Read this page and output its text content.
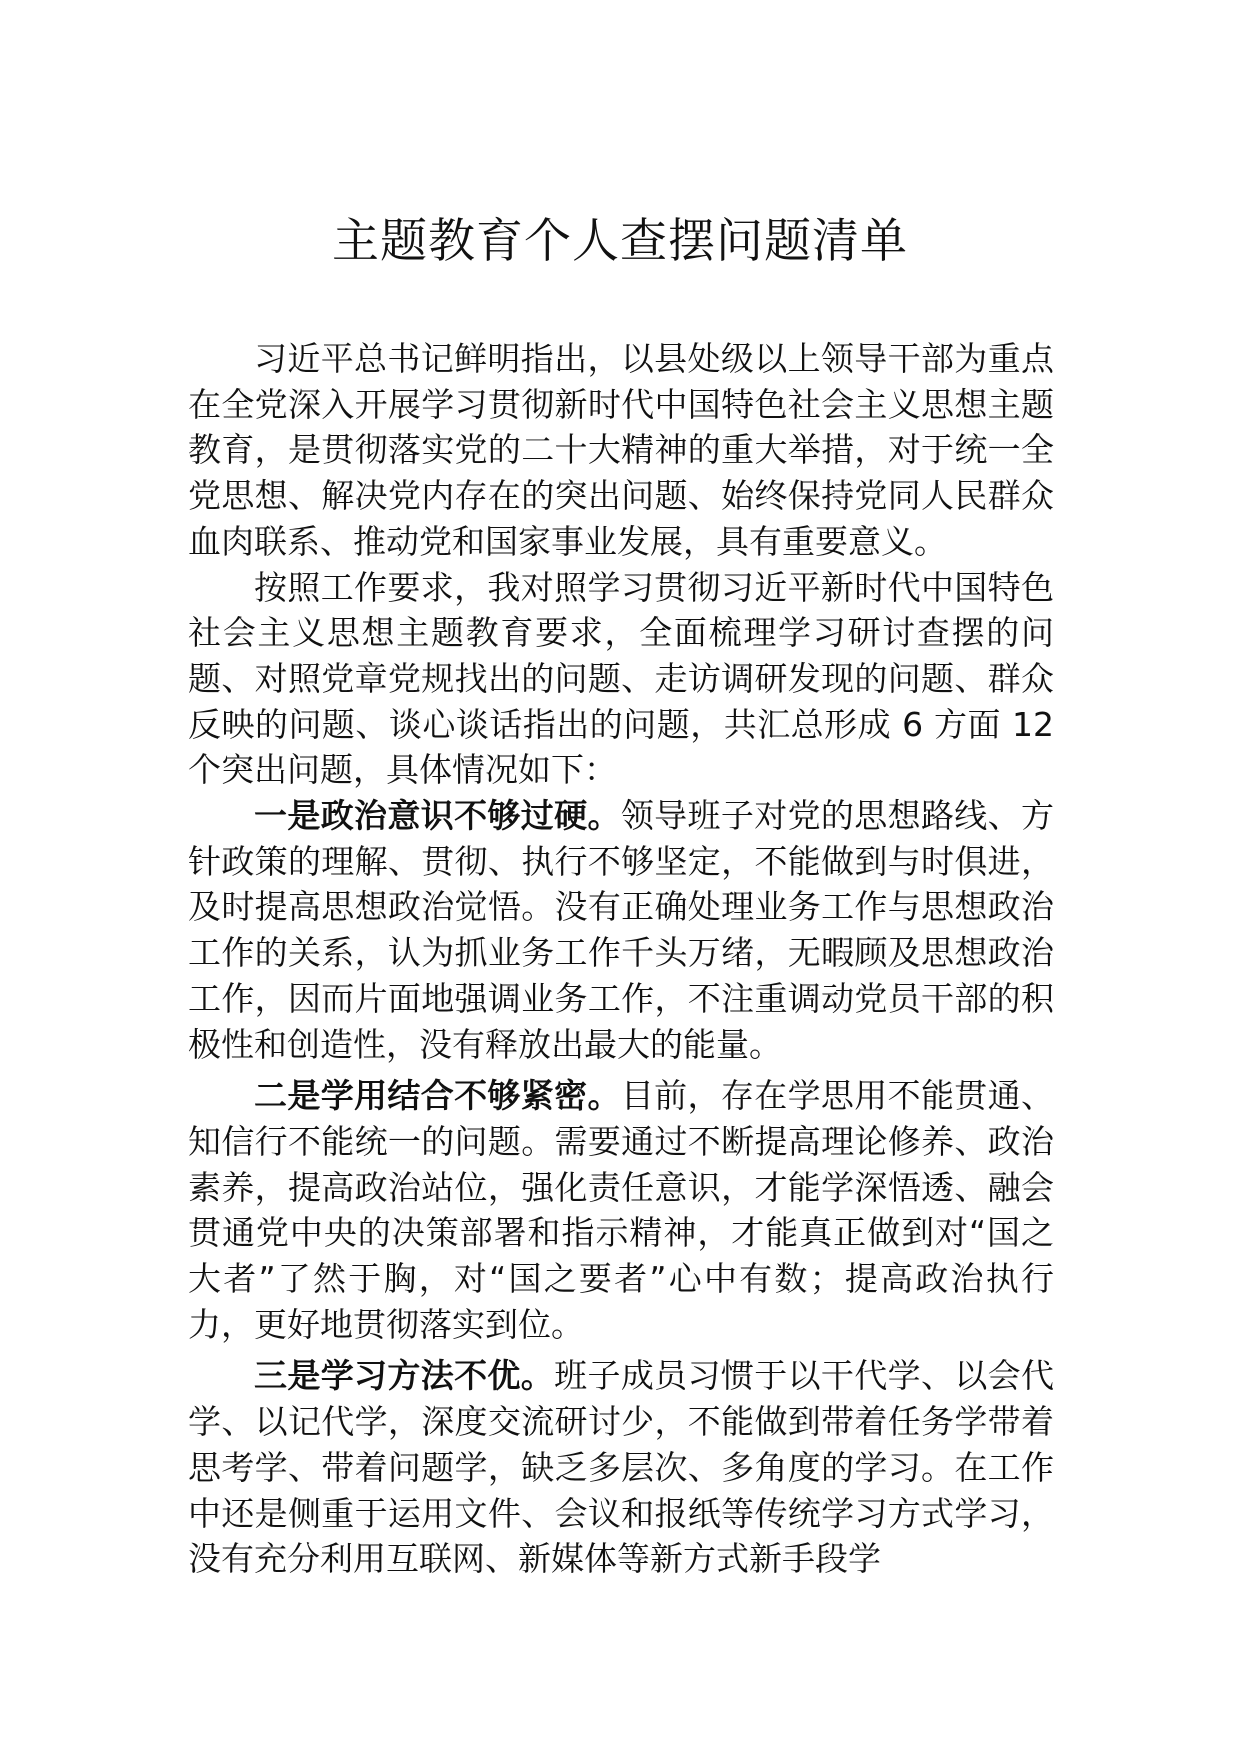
主题教育个人查摆问题清单

习近平总书记鲜明指出，以县处级以上领导干部为重点在全党深入开展学习贯彻新时代中国特色社会主义思想主题教育，是贯彻落实党的二十大精神的重大举措，对于统一全党思想、解决党内存在的突出问题、始终保持党同人民群众血肉联系、推动党和国家事业发展，具有重要意义。

按照工作要求，我对照学习贯彻习近平新时代中国特色社会主义思想主题教育要求，全面梳理学习研讨查摆的问题、对照党章党规找出的问题、走访调研发现的问题、群众反映的问题、谈心谈话指出的问题，共汇总形成 6 方面 12 个突出问题，具体情况如下：

一是政治意识不够过硬。领导班子对党的思想路线、方针政策的理解、贯彻、执行不够坚定，不能做到与时俱进，及时提高思想政治觉悟。没有正确处理业务工作与思想政治工作的关系，认为抓业务工作千头万绪，无暇顾及思想政治工作，因而片面地强调业务工作，不注重调动党员干部的积极性和创造性，没有释放出最大的能量。

二是学用结合不够紧密。目前，存在学思用不能贯通、知信行不能统一的问题。需要通过不断提高理论修养、政治素养，提高政治站位，强化责任意识，才能学深悟透、融会贯通党中央的决策部署和指示精神，才能真正做到对“国之大者”了然于胸，对“国之要者”心中有数；提高政治执行力，更好地贯彻落实到位。

三是学习方法不优。班子成员习惯于以干代学、以会代学、以记代学，深度交流研讨少，不能做到带着任务学带着思考学、带着问题学，缺乏多层次、多角度的学习。在工作中还是侧重于运用文件、会议和报纸等传统学习方式学习，没有充分利用互联网、新媒体等新方式新手段学
